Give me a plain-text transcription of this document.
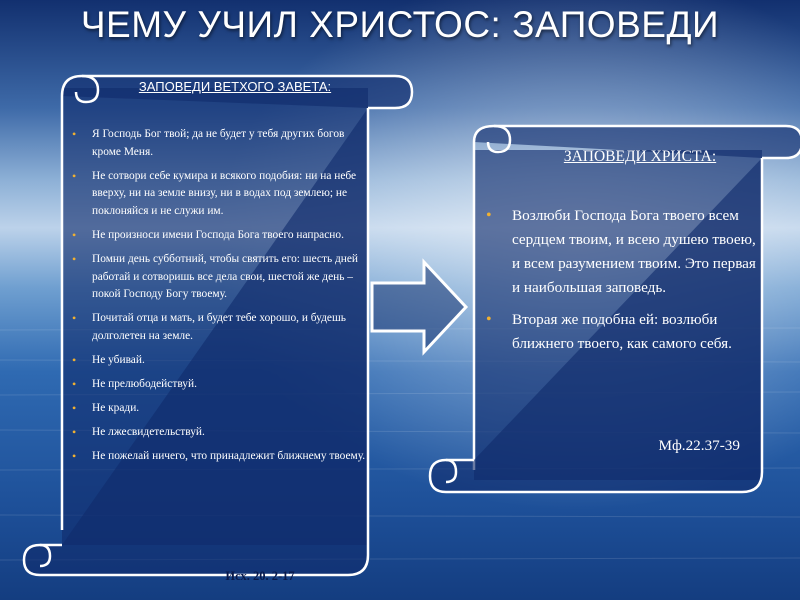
ЧЕМУ УЧИЛ ХРИСТОС: ЗАПОВЕДИ
ЗАПОВЕДИ ВЕТХОГО ЗАВЕТА:
• Я Господь Бог твой; да не будет у тебя других богов кроме Меня.
• Не сотвори себе кумира и всякого подобия: ни на небе вверху, ни на земле внизу, ни в водах под землею; не поклоняйся и не служи им.
• Не произноси имени Господа Бога твоего напрасно.
• Помни день субботний, чтобы святить его: шесть дней работай и сотворишь все дела свои, шестой же день – покой Господу Богу твоему.
• Почитай отца и мать, и будет тебе хорошо, и будешь долголетен на земле.
• Не убивай.
• Не прелюбодействуй.
• Не кради.
• Не лжесвидетельствуй.
• Не пожелай ничего, что принадлежит ближнему твоему.
Исх. 20. 2-17
ЗАПОВЕДИ ХРИСТА:
• Возлюби Господа Бога твоего всем сердцем твоим, и всею душею твоею, и всем разумением твоим. Это первая и наибольшая заповедь.
• Вторая же подобна ей: возлюби ближнего твоего, как самого себя.
Мф.22.37-39
